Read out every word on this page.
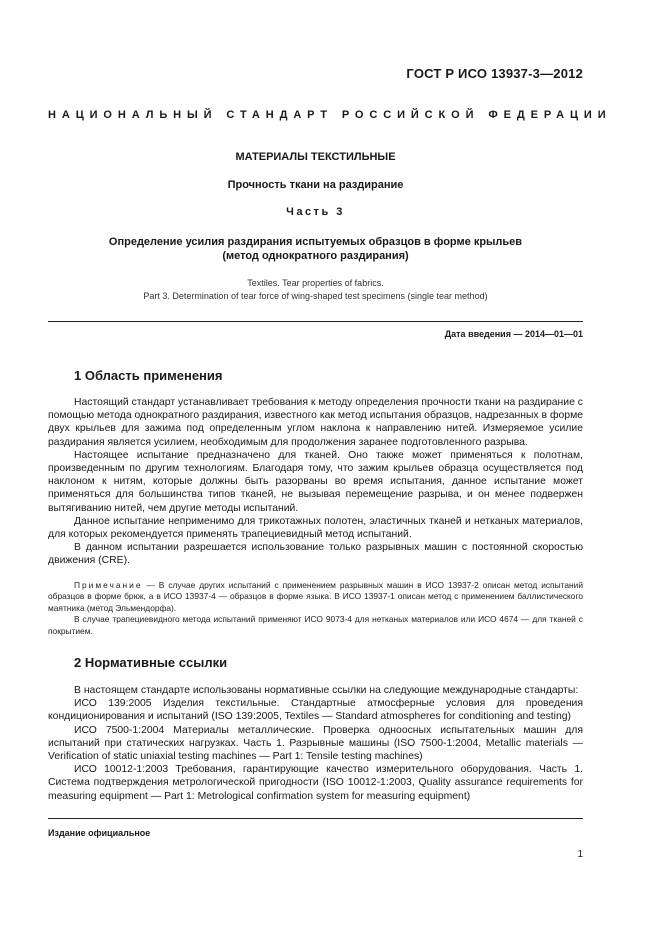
ГОСТ Р ИСО 13937-3—2012
НАЦИОНАЛЬНЫЙ СТАНДАРТ РОССИЙСКОЙ ФЕДЕРАЦИИ
МАТЕРИАЛЫ ТЕКСТИЛЬНЫЕ
Прочность ткани на раздирание
Часть 3
Определение усилия раздирания испытуемых образцов в форме крыльев
(метод однократного раздирания)
Textiles. Tear properties of fabrics.
Part 3. Determination of tear force of wing-shaped test specimens (single tear method)
Дата введения — 2014—01—01
1 Область применения

Настоящий стандарт устанавливает требования к методу определения прочности ткани на раздирание с помощью метода однократного раздирания, известного как метод испытания образцов, надрезанных в форме двух крыльев для зажима под определенным углом наклона к направлению нитей. Измеряемое усилие раздирания является усилием, необходимым для продолжения заранее подготовленного разрыва.

Настоящее испытание предназначено для тканей. Оно также может применяться к полотнам, произведенным по другим технологиям. Благодаря тому, что зажим крыльев образца осуществляется под наклоном к нитям, которые должны быть разорваны во время испытания, данное испытание может применяться для большинства типов тканей, не вызывая перемещение разрыва, и он менее подвержен вытягиванию нитей, чем другие методы испытаний.

Данное испытание неприменимо для трикотажных полотен, эластичных тканей и нетканых материалов, для которых рекомендуется применять трапециевидный метод испытаний.

В данном испытании разрешается использование только разрывных машин с постоянной скоростью движения (CRE).

Примечание — В случае других испытаний с применением разрывных машин в ИСО 13937-2 описан метод испытаний образцов в форме брюк, а в ИСО 13937-4 — образцов в форме языка. В ИСО 13937-1 описан метод с применением баллистического маятника (метод Эльмендорфа).

В случае трапециевидного метода испытаний применяют ИСО 9073-4 для нетканых материалов или ИСО 4674 — для тканей с покрытием.

2 Нормативные ссылки

В настоящем стандарте использованы нормативные ссылки на следующие международные стандарты:

ИСО 139:2005 Изделия текстильные. Стандартные атмосферные условия для проведения кондиционирования и испытаний (ISO 139:2005, Textiles — Standard atmospheres for conditioning and testing)

ИСО 7500-1:2004 Материалы металлические. Проверка одноосных испытательных машин для испытаний при статических нагрузках. Часть 1. Разрывные машины (ISO 7500-1:2004, Metallic materials — Verification of static uniaxial testing machines — Part 1: Tensile testing machines)

ИСО 10012-1:2003 Требования, гарантирующие качество измерительного оборудования. Часть 1. Система подтверждения метрологической пригодности (ISO 10012-1:2003, Quality assurance requirements for measuring equipment — Part 1: Metrological confirmation system for measuring equipment)

Издание официальное
1
